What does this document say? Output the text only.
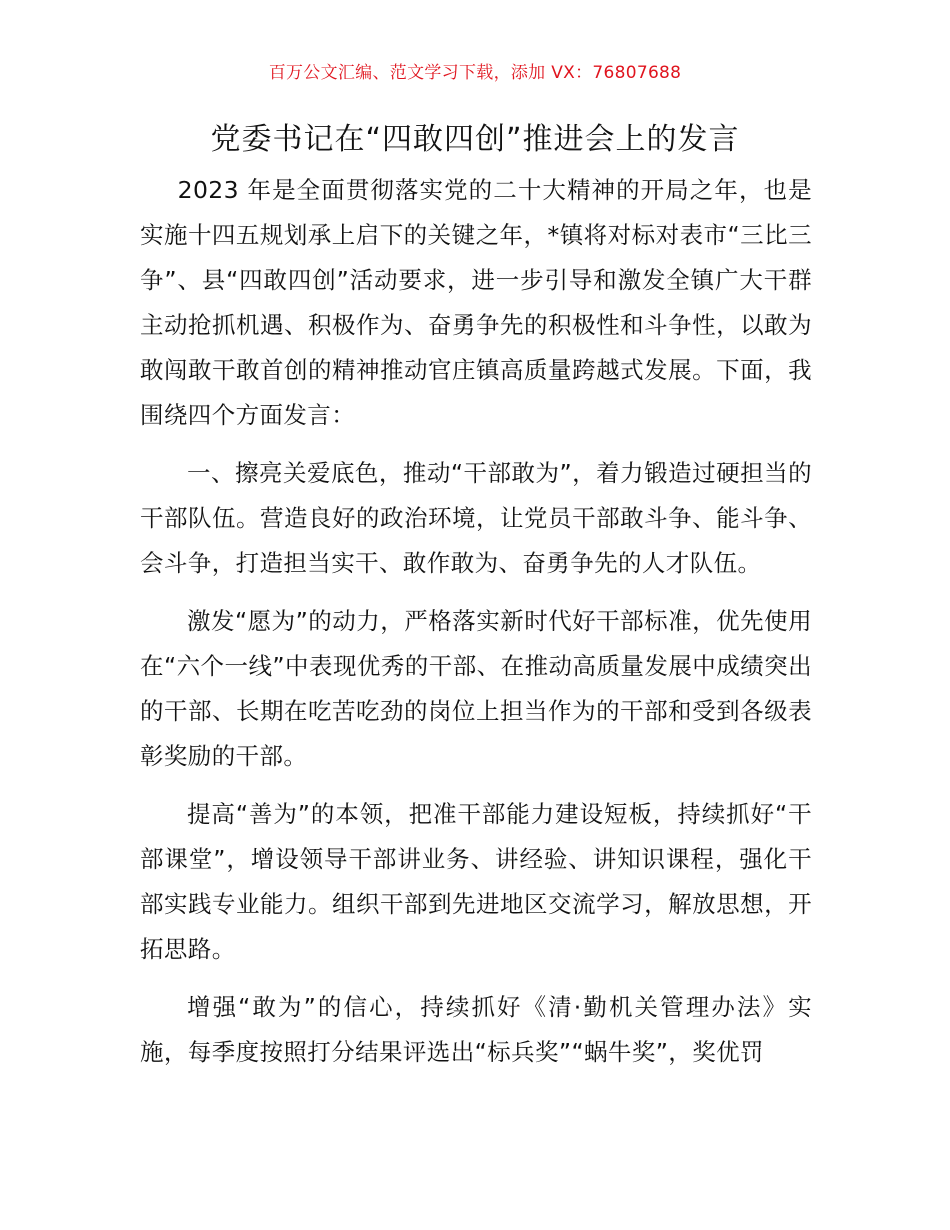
百万公文汇编、范文学习下载，添加 VX：76807688
党委书记在“四敢四创”推进会上的发言

2023 年是全面贯彻落实党的二十大精神的开局之年，也是实施十四五规划承上启下的关键之年，*镇将对标对表市“三比三争”、县“四敢四创”活动要求，进一步引导和激发全镇广大干群主动抢抓机遇、积极作为、奋勇争先的积极性和斗争性，以敢为敢闯敢干敢首创的精神推动官庄镇高质量跨越式发展。下面，我围绕四个方面发言：

一、擦亮关爱底色，推动“干部敢为”，着力锻造过硬担当的干部队伍。营造良好的政治环境，让党员干部敢斗争、能斗争、会斗争，打造担当实干、敢作敢为、奋勇争先的人才队伍。

激发“愿为”的动力，严格落实新时代好干部标准，优先使用在“六个一线”中表现优秀的干部、在推动高质量发展中成绩突出的干部、长期在吃苦吃劲的岗位上担当作为的干部和受到各级表彰奖励的干部。

提高“善为”的本领，把准干部能力建设短板，持续抓好“干部课堂”，增设领导干部讲业务、讲经验、讲知识课程，强化干部实践专业能力。组织干部到先进地区交流学习，解放思想，开拓思路。

增强“敢为”的信心，持续抓好《清·勤机关管理办法》实施，每季度按照打分结果评选出“标兵奖”“蜗牛奖”，奖优罚
